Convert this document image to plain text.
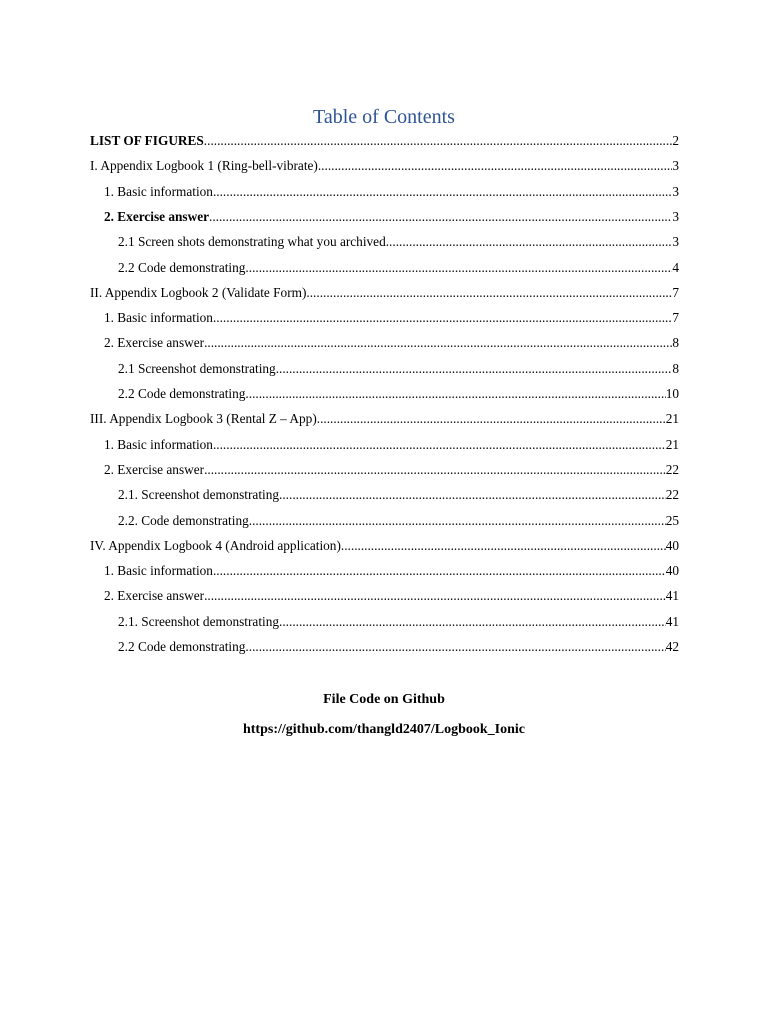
Table of Contents
LIST OF FIGURES .....	2
I. Appendix Logbook 1 (Ring-bell-vibrate) .....	3
1. Basic information .....	3
2. Exercise answer .....	3
2.1 Screen shots demonstrating what you archived .....	3
2.2 Code demonstrating .....	4
II. Appendix Logbook 2 (Validate Form) .....	7
1. Basic information .....	7
2. Exercise answer .....	8
2.1 Screenshot demonstrating .....	8
2.2 Code demonstrating .....	10
III. Appendix Logbook 3 (Rental Z – App) .....	21
1. Basic information .....	21
2. Exercise answer .....	22
2.1. Screenshot demonstrating .....	22
2.2. Code demonstrating .....	25
IV. Appendix Logbook 4 (Android application) .....	40
1. Basic information .....	40
2. Exercise answer .....	41
2.1. Screenshot demonstrating .....	41
2.2 Code demonstrating .....	42
File Code on Github
https://github.com/thangld2407/Logbook_Ionic
